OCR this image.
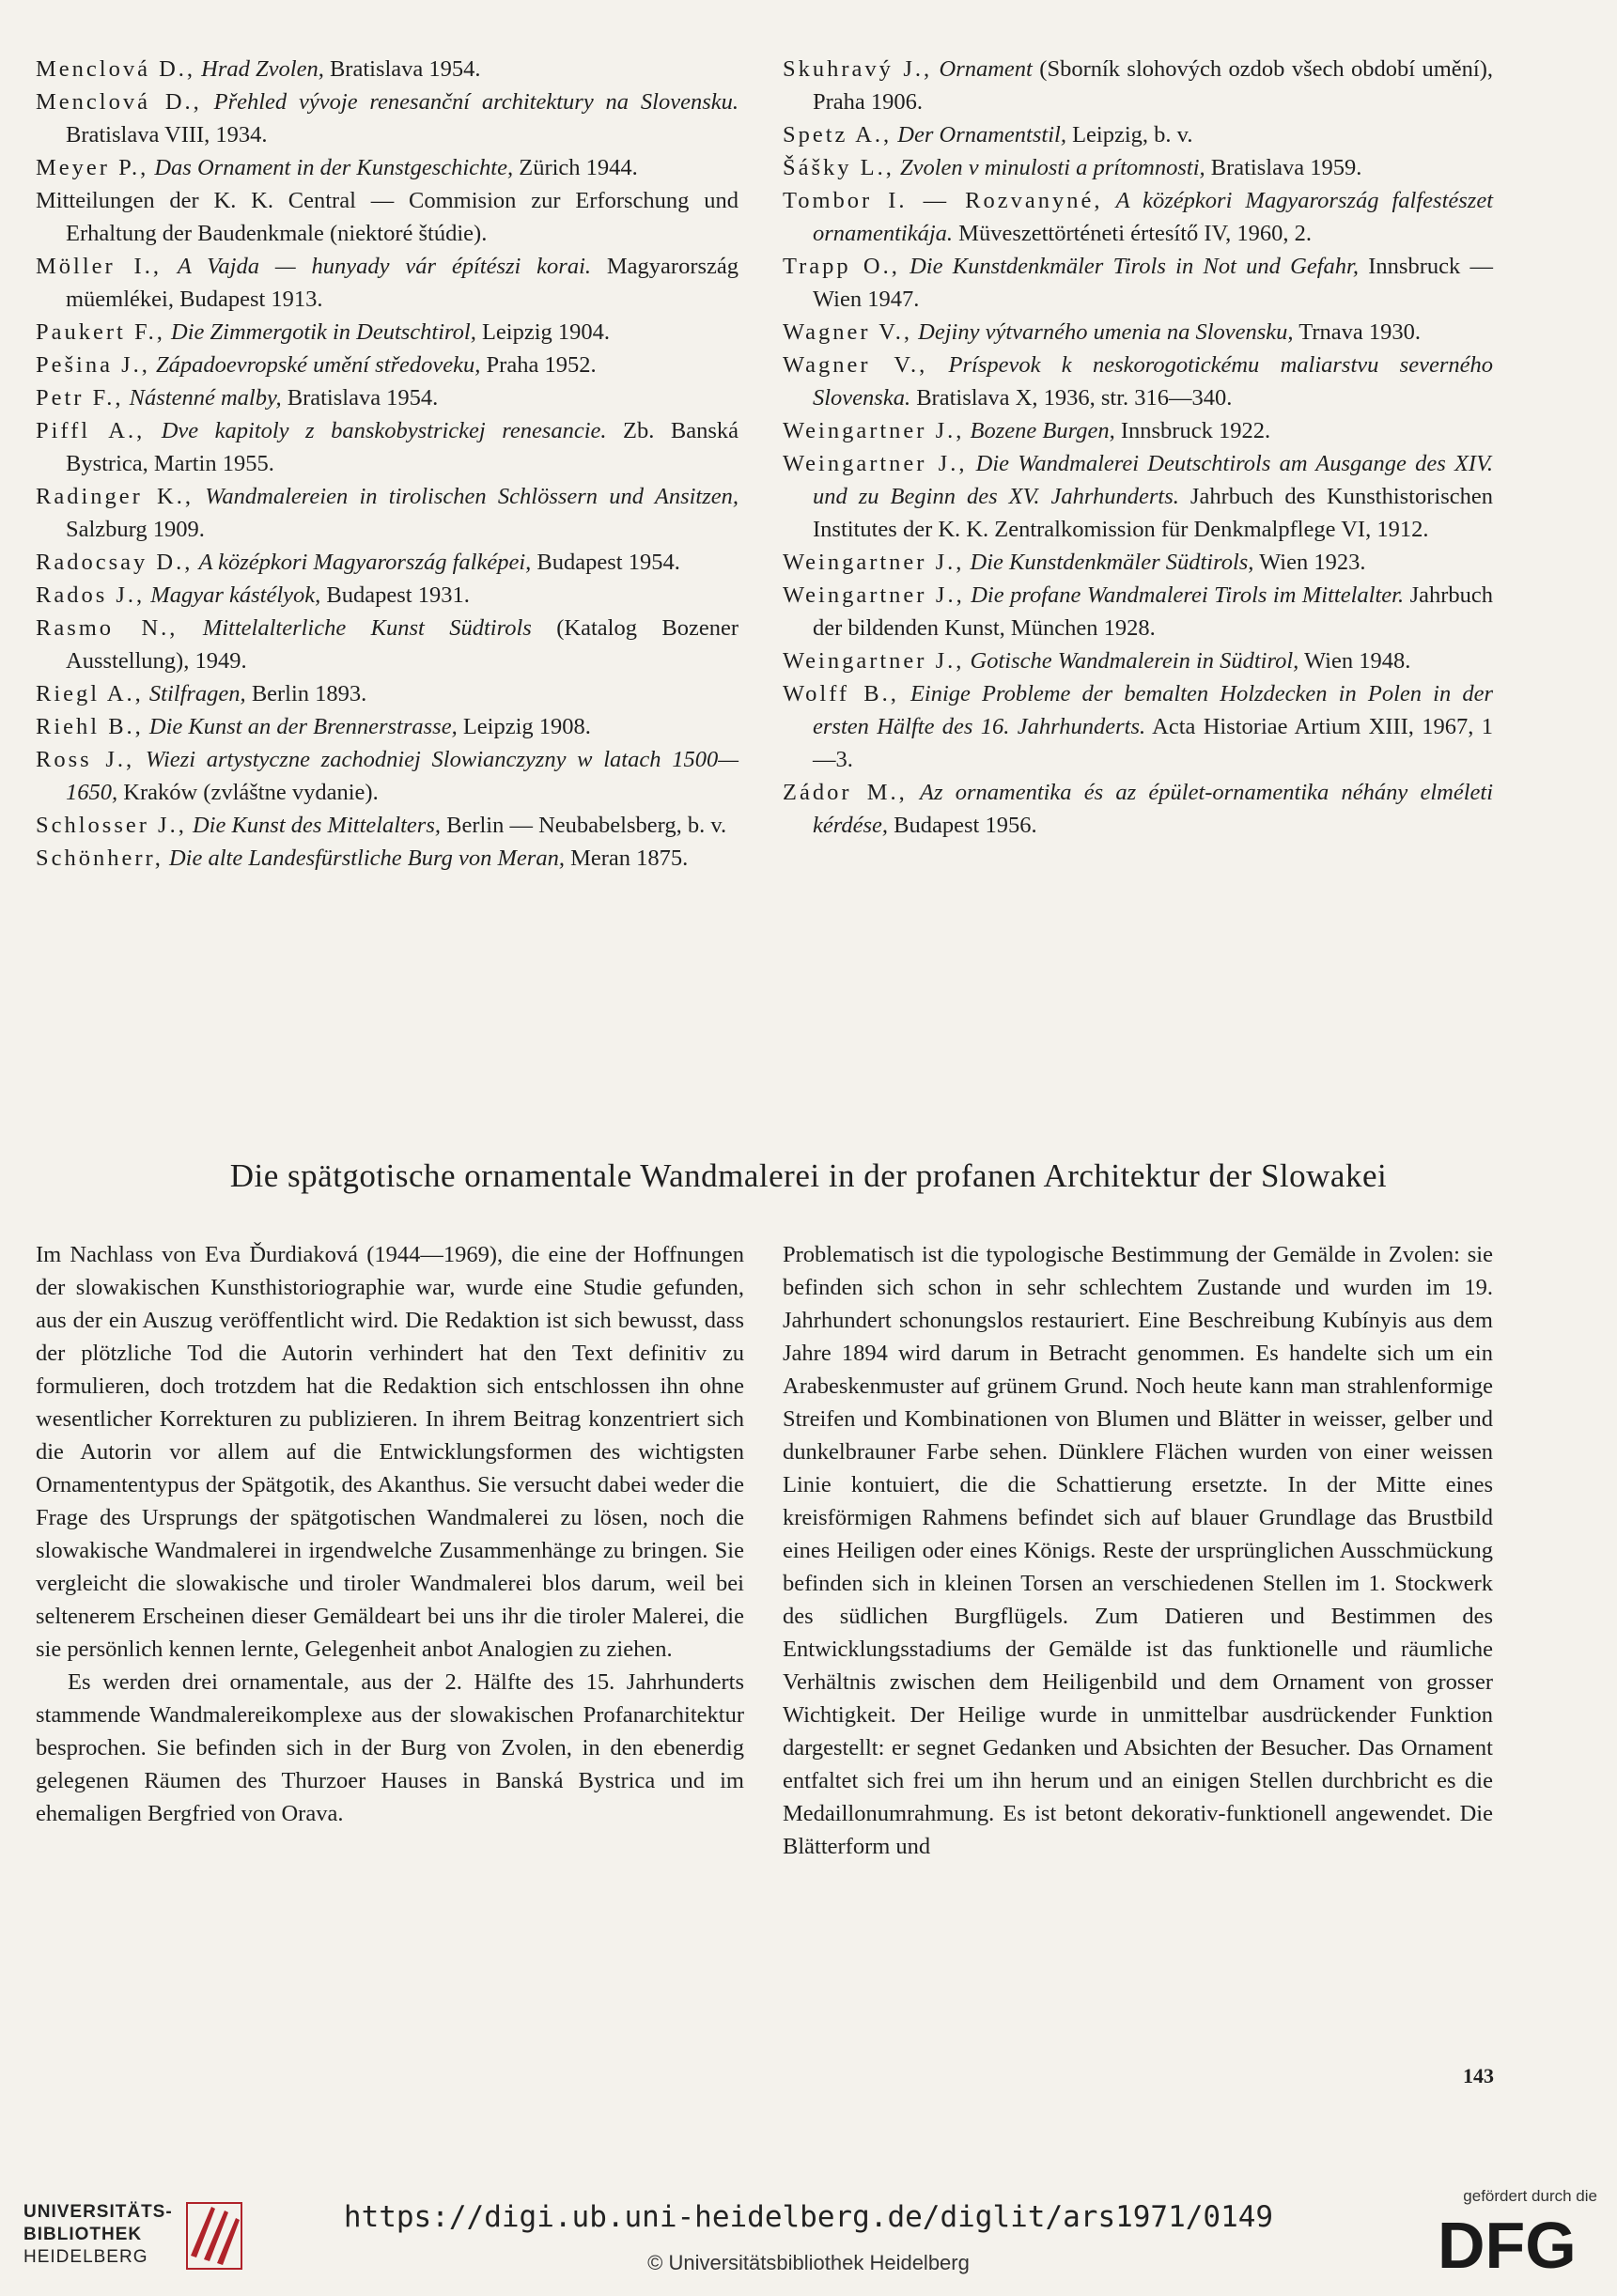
Menclová D., Hrad Zvolen, Bratislava 1954.
Menclová D., Přehled vývoje renesanční architektury na Slovensku. Bratislava VIII, 1934.
Meyer P., Das Ornament in der Kunstgeschichte, Zürich 1944.
Mitteilungen der K. K. Central — Commision zur Erforschung und Erhaltung der Baudenkmale (niektoré štúdie).
Möller I., A Vajda — hunyady vár építészi korai. Magyarország müemlékei, Budapest 1913.
Paukert F., Die Zimmergotik in Deutschtirol, Leipzig 1904.
Pešina J., Západoevropské umění středoveku, Praha 1952.
Petr F., Nástenné malby, Bratislava 1954.
Piffl A., Dve kapitoly z banskobystrickej renesancie. Zb. Banská Bystrica, Martin 1955.
Radinger K., Wandmalereien in tirolischen Schlössern und Ansitzen, Salzburg 1909.
Radocsay D., A középkori Magyarország falképei, Budapest 1954.
Rados J., Magyar kástélyok, Budapest 1931.
Rasmo N., Mittelalterliche Kunst Südtirols (Katalog Bozener Ausstellung), 1949.
Riegl A., Stilfragen, Berlin 1893.
Riehl B., Die Kunst an der Brennerstrasse, Leipzig 1908.
Ross J., Wiezi artystyczne zachodniej Slowianczyzny w latach 1500—1650, Kraków (zvláštne vydanie).
Schlosser J., Die Kunst des Mittelalters, Berlin — Neubabelsberg, b. v.
Schönherr, Die alte Landesfürstliche Burg von Meran, Meran 1875.
Skuhravý J., Ornament (Sborník slohových ozdob všech období umění), Praha 1906.
Spetz A., Der Ornamentstil, Leipzig, b. v.
Šášky L., Zvolen v minulosti a prítomnosti, Bratislava 1959.
Tombor I. — Rozvanyné, A középkori Magyarország falfestészet ornamentikája. Müveszettörténeti értesítő IV, 1960, 2.
Trapp O., Die Kunstdenkmäler Tirols in Not und Gefahr, Innsbruck — Wien 1947.
Wagner V., Dejiny výtvarného umenia na Slovensku, Trnava 1930.
Wagner V., Príspevok k neskorogotickému maliarstvu severného Slovenska. Bratislava X, 1936, str. 316—340.
Weingartner J., Bozene Burgen, Innsbruck 1922.
Weingartner J., Die Wandmalerei Deutschtirols am Ausgange des XIV. und zu Beginn des XV. Jahrhunderts. Jahrbuch des Kunsthistorischen Institutes der K. K. Zentralkomission für Denkmalpflege VI, 1912.
Weingartner J., Die Kunstdenkmäler Südtirols, Wien 1923.
Weingartner J., Die profane Wandmalerei Tirols im Mittelalter. Jahrbuch der bildenden Kunst, München 1928.
Weingartner J., Gotische Wandmalerein in Südtirol, Wien 1948.
Wolff B., Einige Probleme der bemalten Holzdecken in Polen in der ersten Hälfte des 16. Jahrhunderts. Acta Historiae Artium XIII, 1967, 1—3.
Zádor M., Az ornamentika és az épület-ornamentika néhány elméleti kérdése, Budapest 1956.
Die spätgotische ornamentale Wandmalerei in der profanen Architektur der Slowakei

Im Nachlass von Eva Ďurdiaková (1944—1969), die eine der Hoffnungen der slowakischen Kunsthistoriographie war, wurde eine Studie gefunden, aus der ein Auszug veröffentlicht wird. Die Redaktion ist sich bewusst, dass der plötzliche Tod die Autorin verhindert hat den Text definitiv zu formulieren, doch trotzdem hat die Redaktion sich entschlossen ihn ohne wesentlicher Korrekturen zu publizieren. In ihrem Beitrag konzentriert sich die Autorin vor allem auf die Entwicklungsformen des wichtigsten Ornamententypus der Spätgotik, des Akanthus. Sie versucht dabei weder die Frage des Ursprungs der spätgotischen Wandmalerei zu lösen, noch die slowakische Wandmalerei in irgendwelche Zusammenhänge zu bringen. Sie vergleicht die slowakische und tiroler Wandmalerei blos darum, weil bei seltenerem Erscheinen dieser Gemäldeart bei uns ihr die tiroler Malerei, die sie persönlich kennen lernte, Gelegenheit anbot Analogien zu ziehen.

Es werden drei ornamentale, aus der 2. Hälfte des 15. Jahrhunderts stammende Wandmalereikomplexe aus der slowakischen Profanarchitektur besprochen. Sie befinden sich in der Burg von Zvolen, in den ebenerdig gelegenen Räumen des Thurzoer Hauses in Banská Bystrica und im ehemaligen Bergfried von Orava.

Problematisch ist die typologische Bestimmung der Gemälde in Zvolen: sie befinden sich schon in sehr schlechtem Zustande und wurden im 19. Jahrhundert schonungslos restauriert. Eine Beschreibung Kubínyis aus dem Jahre 1894 wird darum in Betracht genommen. Es handelte sich um ein Arabeskenmuster auf grünem Grund. Noch heute kann man strahlenformige Streifen und Kombinationen von Blumen und Blätter in weisser, gelber und dunkelbrauner Farbe sehen. Dünklere Flächen wurden von einer weissen Linie kontuiert, die die Schattierung ersetzte. In der Mitte eines kreisförmigen Rahmens befindet sich auf blauer Grundlage das Brustbild eines Heiligen oder eines Königs. Reste der ursprünglichen Ausschmückung befinden sich in kleinen Torsen an verschiedenen Stellen im 1. Stockwerk des südlichen Burgflügels. Zum Datieren und Bestimmen des Entwicklungsstadiums der Gemälde ist das funktionelle und räumliche Verhältnis zwischen dem Heiligenbild und dem Ornament von grosser Wichtigkeit. Der Heilige wurde in unmittelbar ausdrückender Funktion dargestellt: er segnet Gedanken und Absichten der Besucher. Das Ornament entfaltet sich frei um ihn herum und an einigen Stellen durchbricht es die Medaillonumrahmung. Es ist betont dekorativ-funktionell angewendet. Die Blätterform und

143
UNIVERSITÄTS-
BIBLIOTHEK
HEIDELBERG
https://digi.ub.uni-heidelberg.de/diglit/ars1971/0149
© Universitätsbibliothek Heidelberg
gefördert durch die
DFG
